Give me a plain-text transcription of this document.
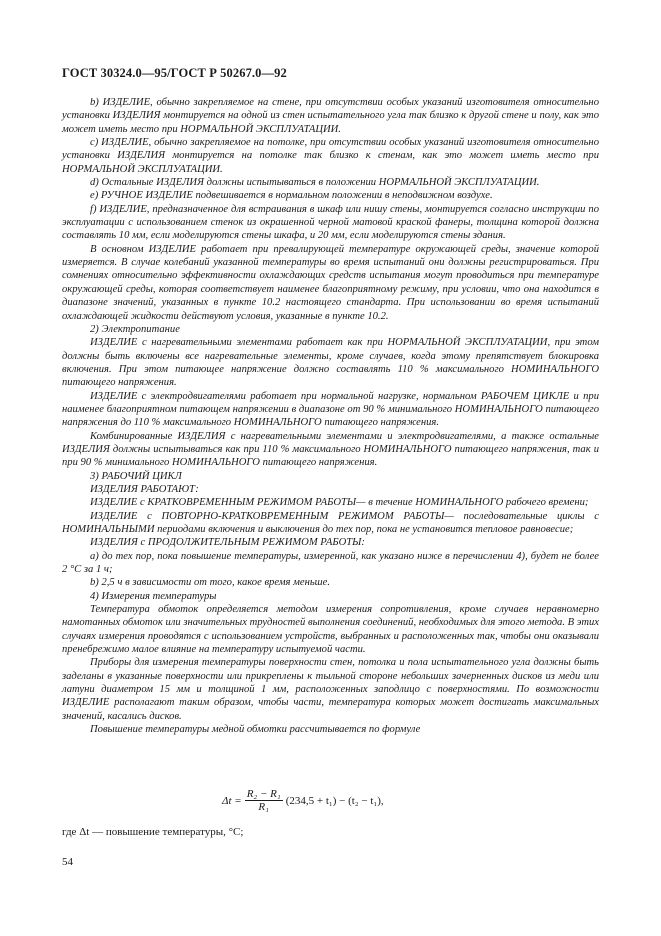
ГОСТ 30324.0—95/ГОСТ Р 50267.0—92

b) ИЗДЕЛИЕ, обычно закрепляемое на стене, при отсутствии особых указаний изготовителя относительно установки ИЗДЕЛИЯ монтируется на одной из стен испытательного угла так близко к другой стене и полу, как это может иметь место при НОРМАЛЬНОЙ ЭКСПЛУАТАЦИИ.

c) ИЗДЕЛИЕ, обычно закрепляемое на потолке, при отсутствии особых указаний изготовителя относительно установки ИЗДЕЛИЯ монтируется на потолке так близко к стенам, как это может иметь место при НОРМАЛЬНОЙ ЭКСПЛУАТАЦИИ.

d) Остальные ИЗДЕЛИЯ должны испытываться в положении НОРМАЛЬНОЙ ЭКСПЛУАТАЦИИ.

e) РУЧНОЕ ИЗДЕЛИЕ подвешивается в нормальном положении в неподвижном воздухе.

f) ИЗДЕЛИЕ, предназначенное для встраивания в шкаф или нишу стены, монтируется согласно инструкции по эксплуатации с использованием стенок из окрашенной черной матовой краской фанеры, толщина которой должна составлять 10 мм, если моделируются стены шкафа, и 20 мм, если моделируются стены здания.

В основном ИЗДЕЛИЕ работает при превалирующей температуре окружающей среды, значение которой измеряется. В случае колебаний указанной температуры во время испытаний они должны регистрироваться. При сомнениях относительно эффективности охлаждающих средств испытания могут проводиться при температуре окружающей среды, которая соответствует наименее благоприятному режиму, при условии, что она находится в диапазоне значений, указанных в пункте 10.2 настоящего стандарта. При использовании во время испытаний охлаждающей жидкости действуют условия, указанные в пункте 10.2.

2) Электропитание

ИЗДЕЛИЕ с нагревательными элементами работает как при НОРМАЛЬНОЙ ЭКСПЛУАТАЦИИ, при этом должны быть включены все нагревательные элементы, кроме случаев, когда этому препятствует блокировка включения. При этом питающее напряжение должно составлять 110 % максимального НОМИНАЛЬНОГО питающего напряжения.

ИЗДЕЛИЕ с электродвигателями работает при нормальной нагрузке, нормальном РАБОЧЕМ ЦИКЛЕ и при наименее благоприятном питающем напряжении в диапазоне от 90 % минимального НОМИНАЛЬНОГО питающего напряжения до 110 % максимального НОМИНАЛЬНОГО питающего напряжения.

Комбинированные ИЗДЕЛИЯ с нагревательными элементами и электродвигателями, а также остальные ИЗДЕЛИЯ должны испытываться как при 110 % максимального НОМИНАЛЬНОГО питающего напряжения, так и при 90 % минимального НОМИНАЛЬНОГО питающего напряжения.

3) РАБОЧИЙ ЦИКЛ

ИЗДЕЛИЯ РАБОТАЮТ:

ИЗДЕЛИЕ с КРАТКОВРЕМЕННЫМ РЕЖИМОМ РАБОТЫ— в течение НОМИНАЛЬНОГО рабочего времени;

ИЗДЕЛИЕ с ПОВТОРНО-КРАТКОВРЕМЕННЫМ РЕЖИМОМ РАБОТЫ— последовательные циклы с НОМИНАЛЬНЫМИ периодами включения и выключения до тех пор, пока не установится тепловое равновесие;

ИЗДЕЛИЯ с ПРОДОЛЖИТЕЛЬНЫМ РЕЖИМОМ РАБОТЫ:

a) до тех пор, пока повышение температуры, измеренной, как указано ниже в перечислении 4), будет не более 2 °С за 1 ч;

b) 2,5 ч в зависимости от того, какое время меньше.

4) Измерения температуры

Температура обмоток определяется методом измерения сопротивления, кроме случаев неравномерно намотанных обмоток или значительных трудностей выполнения соединений, необходимых для этого метода. В этих случаях измерения проводятся с использованием устройств, выбранных и расположенных так, чтобы они оказывали пренебрежимо малое влияние на температуру испытуемой части.

Приборы для измерения температуры поверхности стен, потолка и пола испытательного угла должны быть заделаны в указанные поверхности или прикреплены к тыльной стороне небольших зачерненных дисков из меди или латуни диаметром 15 мм и толщиной 1 мм, расположенных заподлицо с поверхностями. По возможности ИЗДЕЛИЕ располагают таким образом, чтобы части, температура которых может достигать максимальных значений, касались дисков.

Повышение температуры медной обмотки рассчитывается по формуле

$\Delta t = \frac{\text{R₂ − R₁}}{\text{R₁}} (234,5 + t_1) - (t_2 - t_1)$,
где Δt — повышение температуры, °С;
54
